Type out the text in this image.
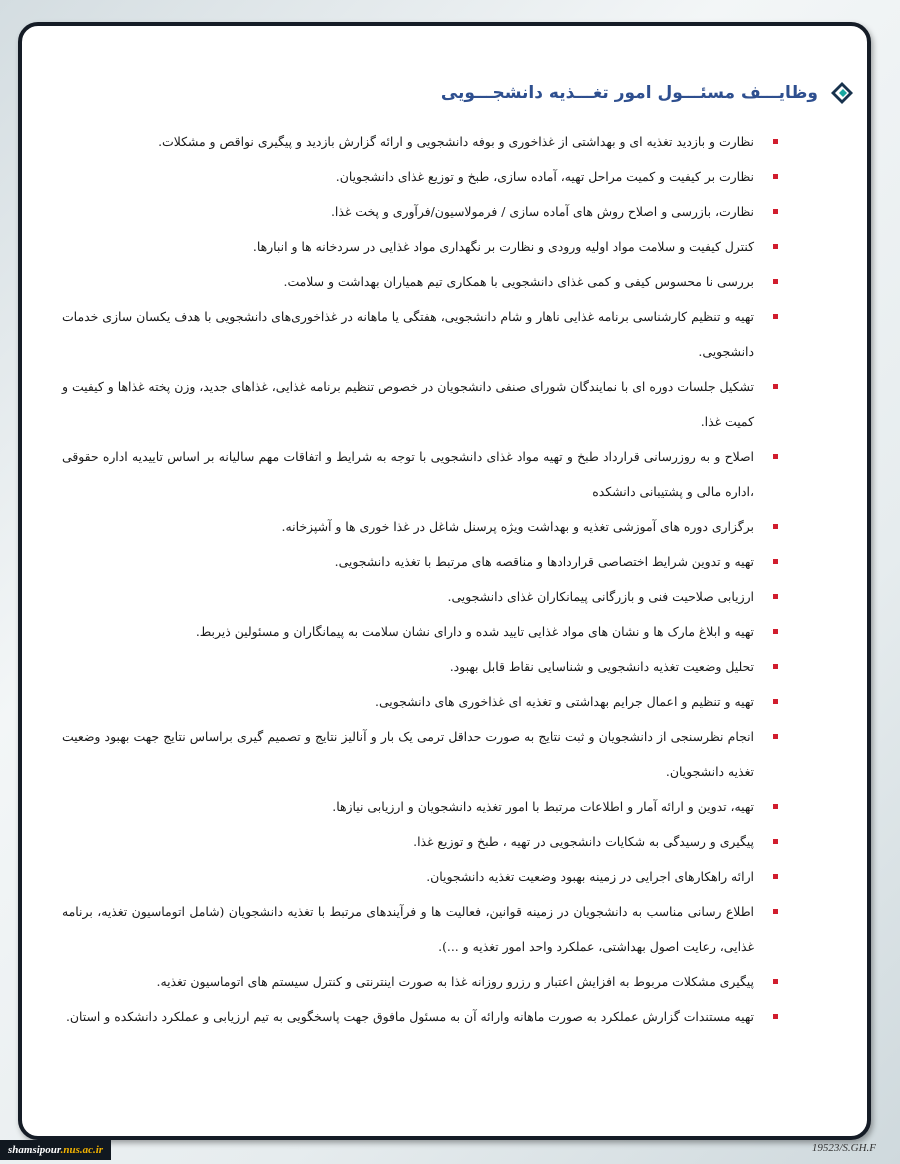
وظایـــف مسئـــول امور تغـــذیه دانشجـــویی
نظارت و بازدید تغذیه ای و بهداشتی از غذاخوری و بوفه دانشجویی و ارائه گزارش بازدید و پیگیری نواقص و مشکلات.
نظارت بر کیفیت و کمیت مراحل تهیه، آماده سازی، طبخ و توزیع غذای دانشجویان.
نظارت، بازرسی و اصلاح روش های آماده سازی / فرمولاسیون/فرآوری و پخت غذا.
کنترل کیفیت و سلامت مواد اولیه ورودی و نظارت بر نگهداری مواد غذایی در سردخانه ها و انبارها.
بررسی نا محسوس کیفی و کمی غذای دانشجویی با همکاری تیم همیاران بهداشت و سلامت.
تهیه و تنظیم کارشناسی برنامه غذایی ناهار و شام دانشجویی، هفتگی یا ماهانه در غذاخوری‌های دانشجویی با هدف یکسان سازی خدمات دانشجویی.
تشکیل جلسات دوره ای با نمایندگان شورای صنفی دانشجویان در خصوص تنظیم برنامه غذایی، غذاهای جدید، وزن پخته غذاها و کیفیت و کمیت غذا.
اصلاح و به روزرسانی قرارداد طبخ و تهیه مواد غذای دانشجویی با توجه به شرایط و اتفاقات مهم سالیانه بر اساس تاییدیه اداره حقوقی ،اداره مالی و پشتیبانی دانشکده
برگزاری دوره های آموزشی تغذیه و بهداشت ویژه پرسنل شاغل در غذا خوری ها و آشپزخانه.
تهیه و تدوین شرایط اختصاصی قراردادها و مناقصه های مرتبط با تغذیه دانشجویی.
ارزیابی صلاحیت فنی و بازرگانی پیمانکاران غذای دانشجویی.
تهیه و ابلاغ مارک ها و نشان های مواد غذایی تایید شده و دارای نشان سلامت به پیمانگاران و مسئولین ذیربط.
تحلیل وضعیت تغذیه دانشجویی و شناسایی نقاط قابل بهبود.
تهیه و تنظیم و اعمال جرایم بهداشتی و تغذیه ای غذاخوری های دانشجویی.
انجام نظرسنجی از دانشجویان و ثبت نتایج به صورت حداقل ترمی یک بار و آنالیز نتایج و تصمیم گیری براساس نتایج جهت بهبود وضعیت تغذیه دانشجویان.
تهیه، تدوین و ارائه آمار و اطلاعات مرتبط با امور تغذیه دانشجویان و ارزیابی نیازها.
پیگیری و رسیدگی به شکایات دانشجویی در تهیه ، طبخ و توزیع غذا.
ارائه راهکارهای اجرایی در زمینه بهبود وضعیت تغذیه دانشجویان.
اطلاع رسانی مناسب به دانشجویان در زمینه قوانین، فعالیت ها و فرآیندهای مرتبط با تغذیه دانشجویان (شامل اتوماسیون تغذیه، برنامه غذایی، رعایت اصول بهداشتی، عملکرد واحد امور تغذیه و ...).
پیگیری مشکلات مربوط به افزایش اعتبار و رزرو روزانه غذا به صورت اینترنتی و کنترل سیستم های اتوماسیون تغذیه.
تهیه مستندات گزارش عملکرد به صورت ماهانه وارائه آن به مسئول مافوق جهت پاسخگویی به تیم ارزیابی و عملکرد دانشکده و استان.
shamsipour.nus.ac.ir	19523/S.GH.F
